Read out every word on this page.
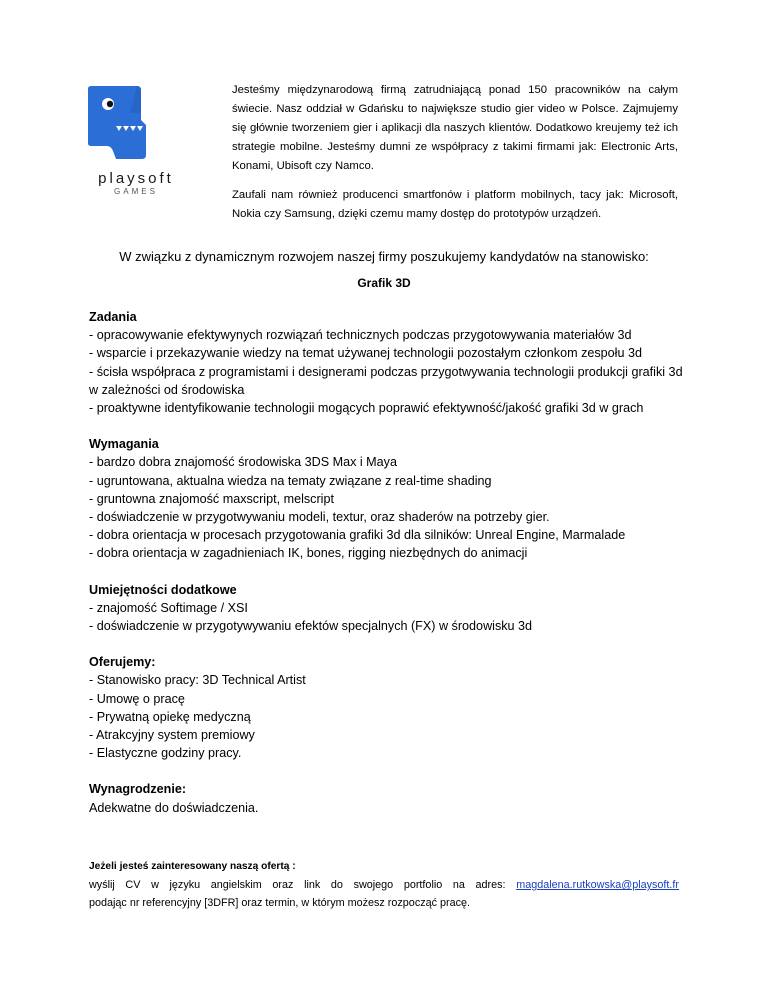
playsoft
GAMES

Jesteśmy międzynarodową firmą zatrudniającą ponad 150 pracowników na całym świecie. Nasz oddział w Gdańsku to największe studio gier video w Polsce. Zajmujemy się głównie tworzeniem gier i aplikacji dla naszych klientów. Dodatkowo kreujemy też ich strategie mobilne. Jesteśmy dumni ze współpracy z takimi firmami jak: Electronic Arts, Konami, Ubisoft czy Namco.

Zaufali nam również producenci smartfonów i platform mobilnych, tacy jak: Microsoft, Nokia czy Samsung, dzięki czemu mamy dostęp do prototypów urządzeń.

W związku z dynamicznym rozwojem naszej firmy poszukujemy kandydatów na stanowisko:
Grafik 3D
Zadania
- opracowywanie efektywynych rozwiązań technicznych podczas przygotowywania materiałów 3d
- wsparcie i przekazywanie wiedzy na temat używanej technologii pozostałym członkom zespołu 3d
- ścisła współpraca z programistami i designerami podczas przygotwywania technologii produkcji grafiki 3d w zależności od środowiska
- proaktywne identyfikowanie technologii mogących poprawić efektywność/jakość grafiki 3d w grach
Wymagania
- bardzo dobra znajomość środowiska 3DS Max i Maya
- ugruntowana, aktualna wiedza na tematy związane z real-time shading
- gruntowna znajomość maxscript, melscript
- doświadczenie w przygotwywaniu modeli, textur, oraz shaderów na potrzeby gier.
- dobra orientacja w procesach przygotowania grafiki 3d dla silników: Unreal Engine, Marmalade
- dobra orientacja w zagadnieniach IK, bones, rigging niezbędnych do animacji
Umiejętności dodatkowe
- znajomość Softimage / XSI
- doświadczenie w przygotywywaniu efektów specjalnych (FX) w środowisku 3d
Oferujemy:
- Stanowisko pracy: 3D Technical Artist
- Umowę o pracę
- Prywatną opiekę medyczną
- Atrakcyjny system premiowy
- Elastyczne godziny pracy.
Wynagrodzenie:
Adekwatne do doświadczenia.
Jeżeli jesteś zainteresowany naszą ofertą :
wyślij CV w języku angielskim oraz link do swojego portfolio na adres: magdalena.rutkowska@playsoft.fr
podając nr referencyjny [3DFR] oraz termin, w którym możesz rozpocząć pracę.
